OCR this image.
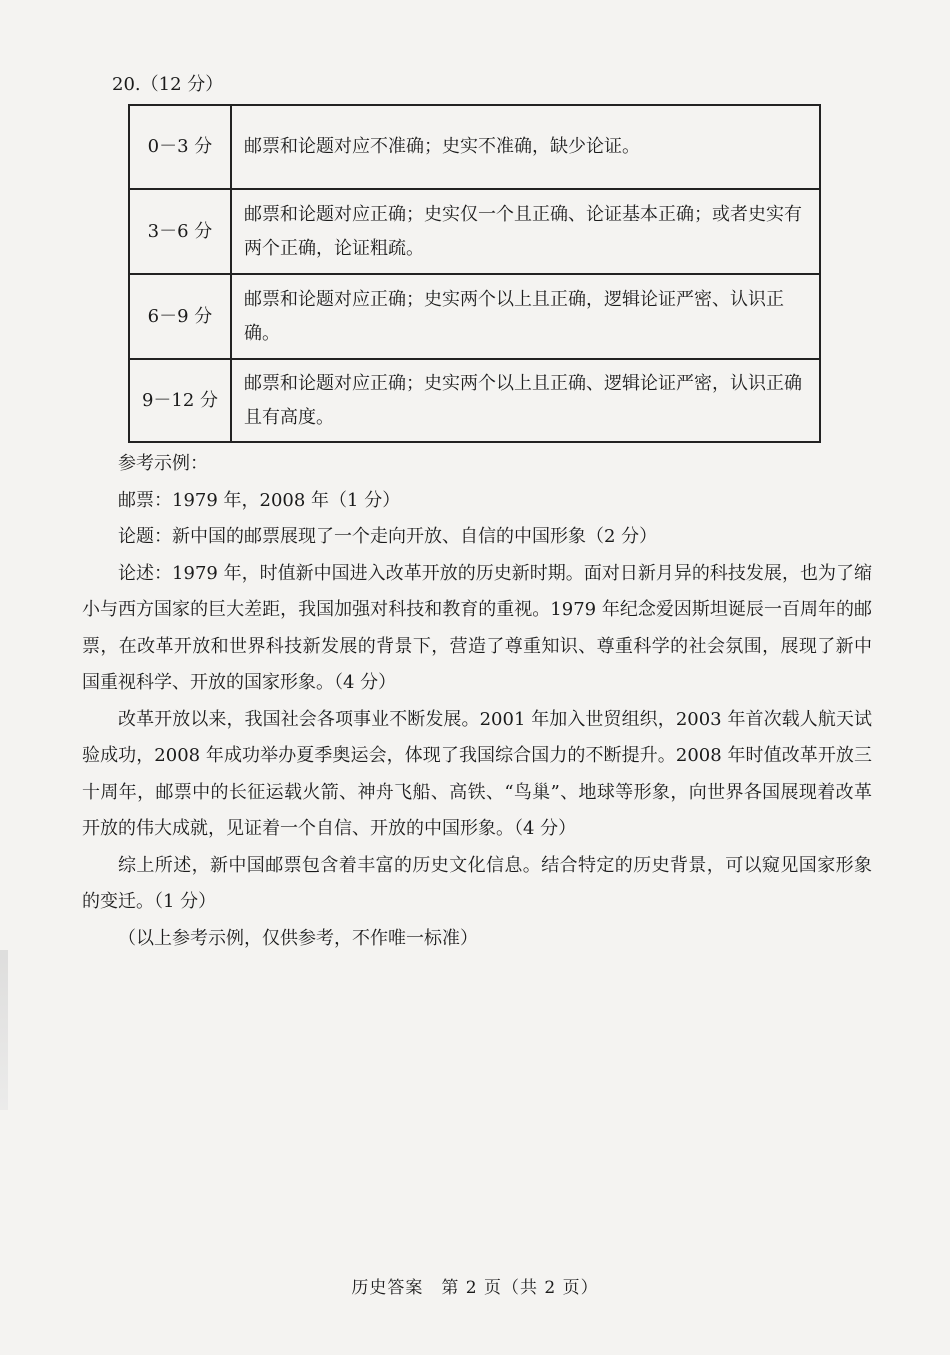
20.（12 分）
0－3 分	邮票和论题对应不准确；史实不准确，缺少论证。
3－6 分	邮票和论题对应正确；史实仅一个且正确、论证基本正确；或者史实有两个正确，论证粗疏。
6－9 分	邮票和论题对应正确；史实两个以上且正确，逻辑论证严密、认识正确。
9－12 分	邮票和论题对应正确；史实两个以上且正确、逻辑论证严密，认识正确且有高度。

参考示例：

邮票：1979 年，2008 年（1 分）

论题：新中国的邮票展现了一个走向开放、自信的中国形象（2 分）

论述：1979 年，时值新中国进入改革开放的历史新时期。面对日新月异的科技发展，也为了缩小与西方国家的巨大差距，我国加强对科技和教育的重视。1979 年纪念爱因斯坦诞辰一百周年的邮票，在改革开放和世界科技新发展的背景下，营造了尊重知识、尊重科学的社会氛围，展现了新中国重视科学、开放的国家形象。（4 分）

改革开放以来，我国社会各项事业不断发展。2001 年加入世贸组织，2003 年首次载人航天试验成功，2008 年成功举办夏季奥运会，体现了我国综合国力的不断提升。2008 年时值改革开放三十周年，邮票中的长征运载火箭、神舟飞船、高铁、“鸟巢”、地球等形象，向世界各国展现着改革开放的伟大成就，见证着一个自信、开放的中国形象。（4 分）

综上所述，新中国邮票包含着丰富的历史文化信息。结合特定的历史背景，可以窥见国家形象的变迁。（1 分）

（以上参考示例，仅供参考，不作唯一标准）

历史答案　第 2 页（共 2 页）
